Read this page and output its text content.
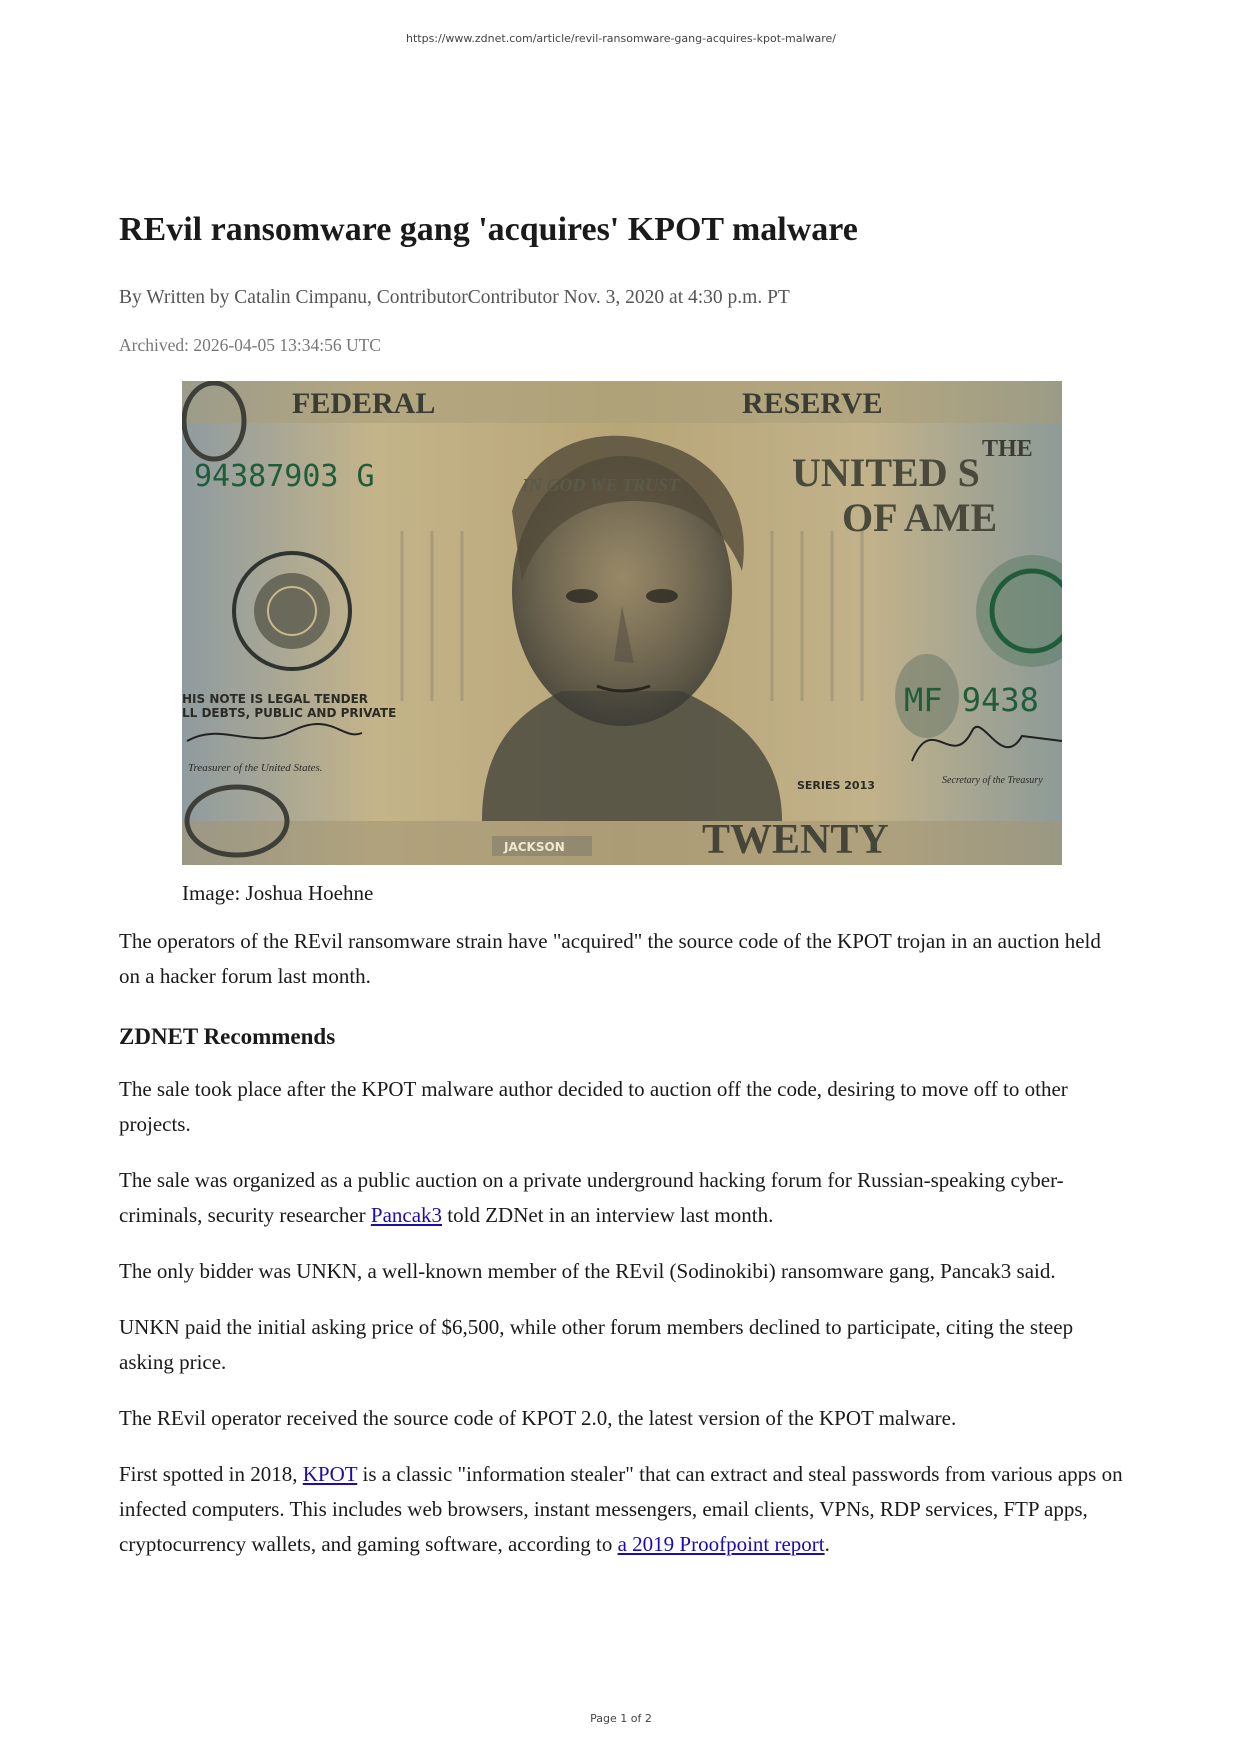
https://www.zdnet.com/article/revil-ransomware-gang-acquires-kpot-malware/
REvil ransomware gang 'acquires' KPOT malware
By Written by Catalin Cimpanu, ContributorContributor Nov. 3, 2020 at 4:30 p.m. PT
Archived: 2026-04-05 13:34:56 UTC
FEDERAL	RESERVE
THE
UNITED S
OF AME
IN GOD WE TRUST
TWENTY
94387903 G
MF 9438
HIS NOTE IS LEGAL TENDER
LL DEBTS, PUBLIC AND PRIVATE
SERIES 2013
Treasurer of the United States.
Secretary of the Treasury
JACKSON
Image: Joshua Hoehne

The operators of the REvil ransomware strain have "acquired" the source code of the KPOT trojan in an auction held on a hacker forum last month.

ZDNET Recommends

The sale took place after the KPOT malware author decided to auction off the code, desiring to move off to other projects.

The sale was organized as a public auction on a private underground hacking forum for Russian-speaking cyber-criminals, security researcher Pancak3 told ZDNet in an interview last month.

The only bidder was UNKN, a well-known member of the REvil (Sodinokibi) ransomware gang, Pancak3 said.

UNKN paid the initial asking price of $6,500, while other forum members declined to participate, citing the steep asking price.

The REvil operator received the source code of KPOT 2.0, the latest version of the KPOT malware.

First spotted in 2018, KPOT is a classic "information stealer" that can extract and steal passwords from various apps on infected computers. This includes web browsers, instant messengers, email clients, VPNs, RDP services, FTP apps, cryptocurrency wallets, and gaming software, according to a 2019 Proofpoint report.

Page 1 of 2
